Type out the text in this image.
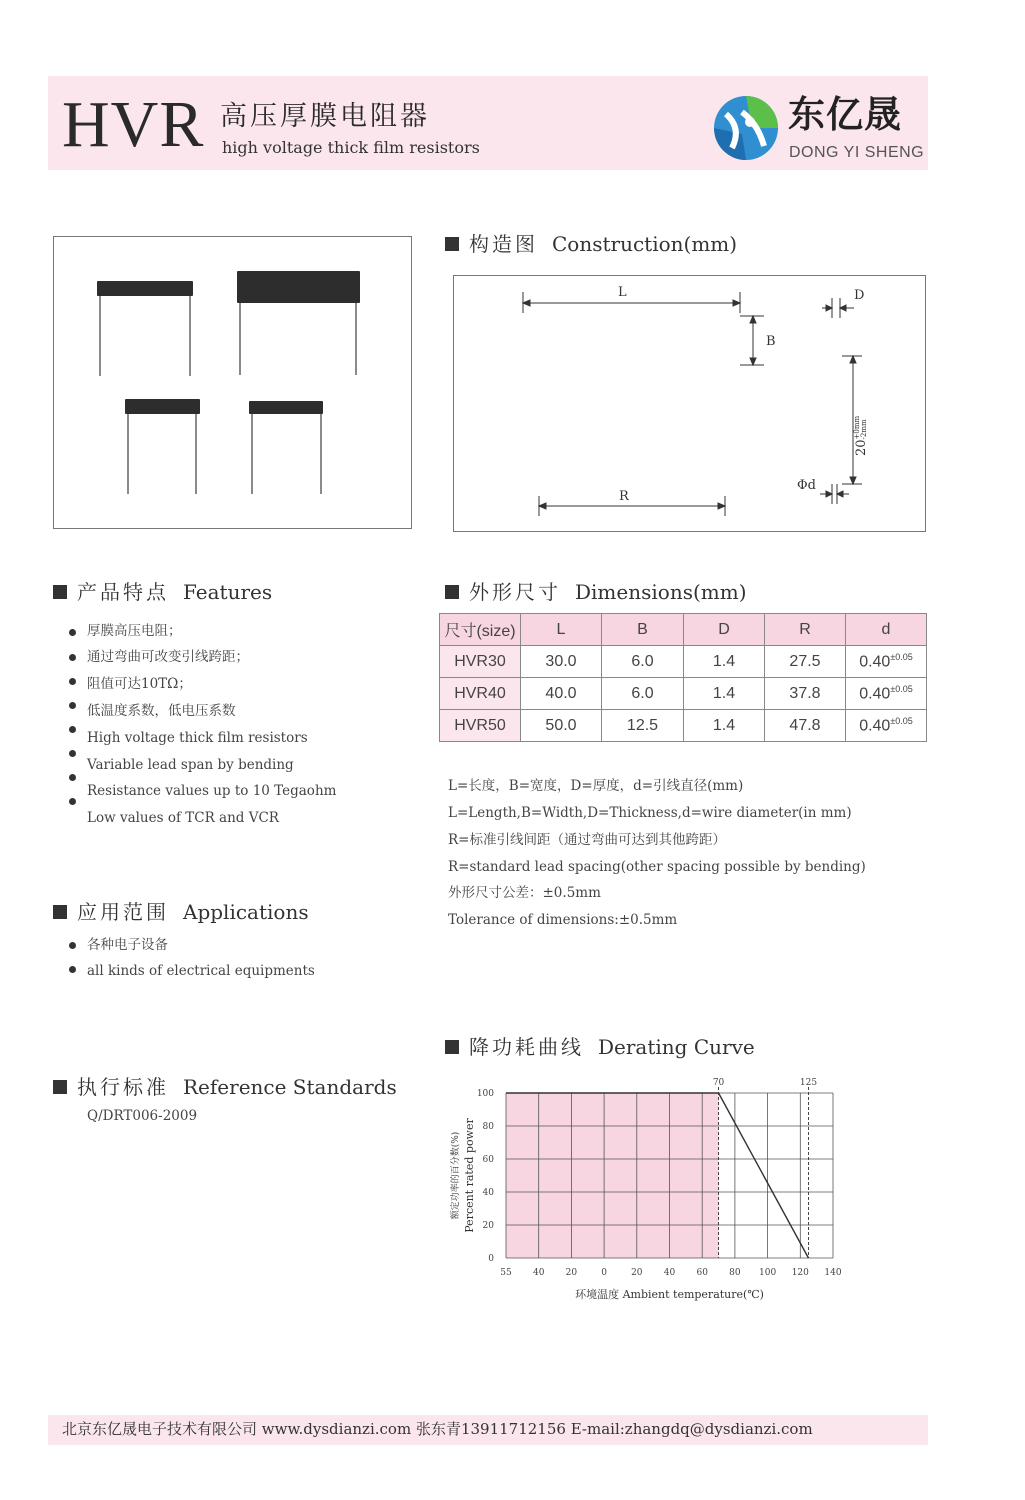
HVR 高压厚膜电阻器
high voltage thick film resistors
东亿晟
DONG YI SHENG
构造图 Construction(mm)
L
B
D
R
Φd
20+0mm
-2mm
产品特点 Features
厚膜高压电阻；
通过弯曲可改变引线跨距；
阻值可达10TΩ；
低温度系数，低电压系数
High voltage thick film resistors
Variable lead span by bending
Resistance values up to 10 Tegaohm
Low values of TCR and VCR
外形尺寸 Dimensions(mm)
尺寸(size)	L	B	D	R	d
HVR30	30.0	6.0	1.4	27.5	$0.40^{\pm 0.05}$
HVR40	40.0	6.0	1.4	37.8	$0.40^{\pm 0.05}$
HVR50	50.0	12.5	1.4	47.8	$0.40^{\pm 0.05}$
L=长度，B=宽度，D=厚度，d=引线直径(mm)
L=Length,B=Width,D=Thickness,d=wire diameter(in mm)
R=标准引线间距（通过弯曲可达到其他跨距）
R=standard lead spacing(other spacing possible by bending)
外形尺寸公差：±0.5mm
Tolerance of dimensions:±0.5mm
应用范围 Applications
各种电子设备
all kinds of electrical equipments
执行标准 Reference Standards
Q/DRT006-2009
降功耗曲线 Derating Curve
0
20
40
60
80
100
55 40 20	0	20 40 60 80 100 120 140
70	125
环境温度 Ambient temperature(℃)
额定功率的百分数(%) Percent rated power
北京东亿晟电子技术有限公司 www.dysdianzi.com 张东青13911712156 E-mail:zhangdq@dysdianzi.com
